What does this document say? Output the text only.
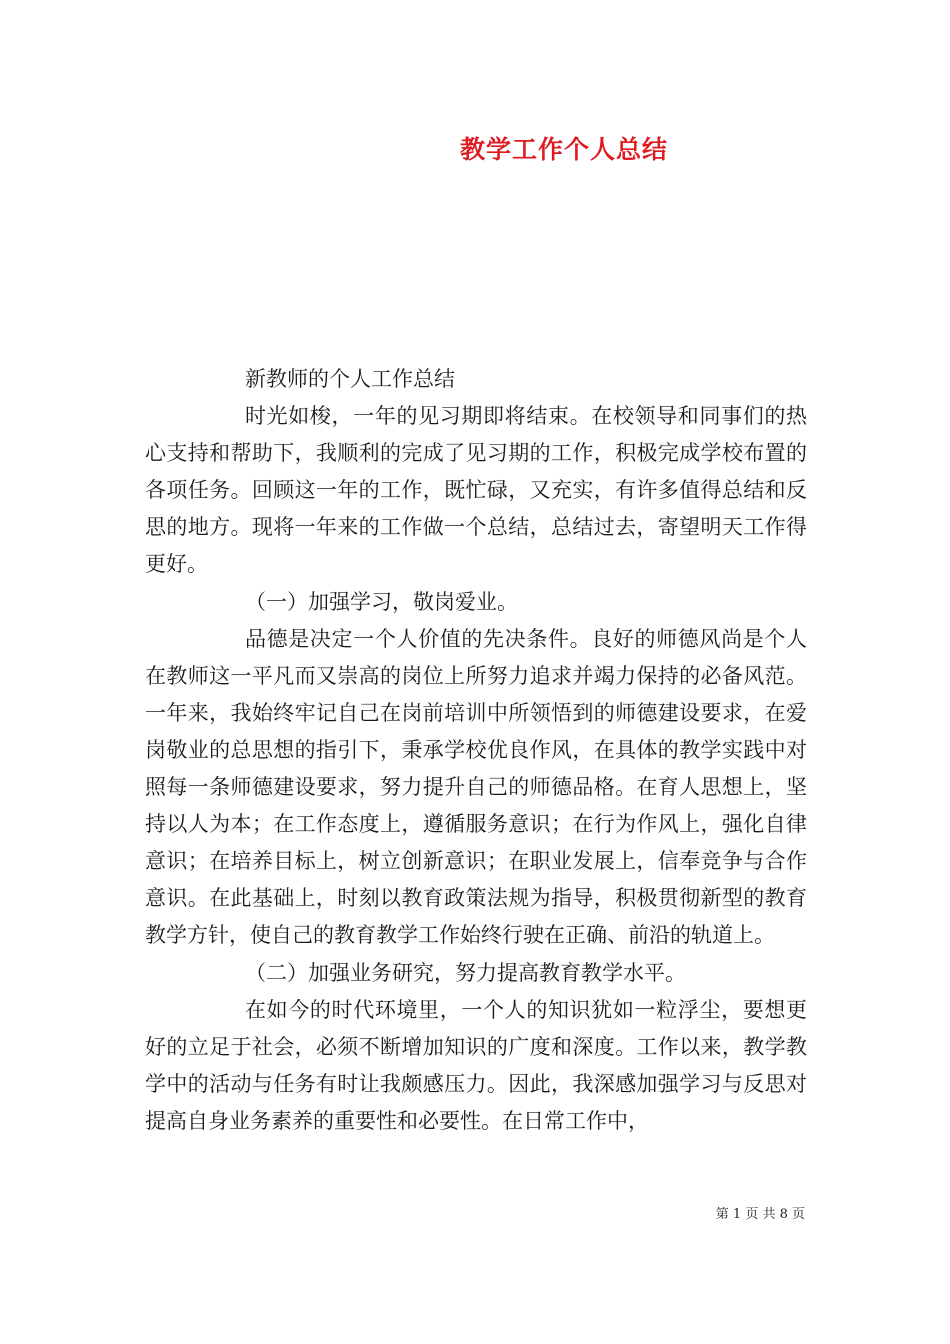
教学工作个人总结

新教师的个人工作总结

时光如梭，一年的见习期即将结束。在校领导和同事们的热心支持和帮助下，我顺利的完成了见习期的工作，积极完成学校布置的各项任务。回顾这一年的工作，既忙碌，又充实，有许多值得总结和反思的地方。现将一年来的工作做一个总结，总结过去，寄望明天工作得更好。

（一）加强学习，敬岗爱业。

品德是决定一个人价值的先决条件。良好的师德风尚是个人在教师这一平凡而又崇高的岗位上所努力追求并竭力保持的必备风范。一年来，我始终牢记自己在岗前培训中所领悟到的师德建设要求，在爱岗敬业的总思想的指引下，秉承学校优良作风，在具体的教学实践中对照每一条师德建设要求，努力提升自己的师德品格。在育人思想上，坚持以人为本；在工作态度上，遵循服务意识；在行为作风上，强化自律意识；在培养目标上，树立创新意识；在职业发展上，信奉竞争与合作意识。在此基础上，时刻以教育政策法规为指导，积极贯彻新型的教育教学方针，使自己的教育教学工作始终行驶在正确、前沿的轨道上。

（二）加强业务研究，努力提高教育教学水平。

在如今的时代环境里，一个人的知识犹如一粒浮尘，要想更好的立足于社会，必须不断增加知识的广度和深度。工作以来，教学教学中的活动与任务有时让我颇感压力。因此，我深感加强学习与反思对提高自身业务素养的重要性和必要性。在日常工作中，

第 1 页 共 8 页
